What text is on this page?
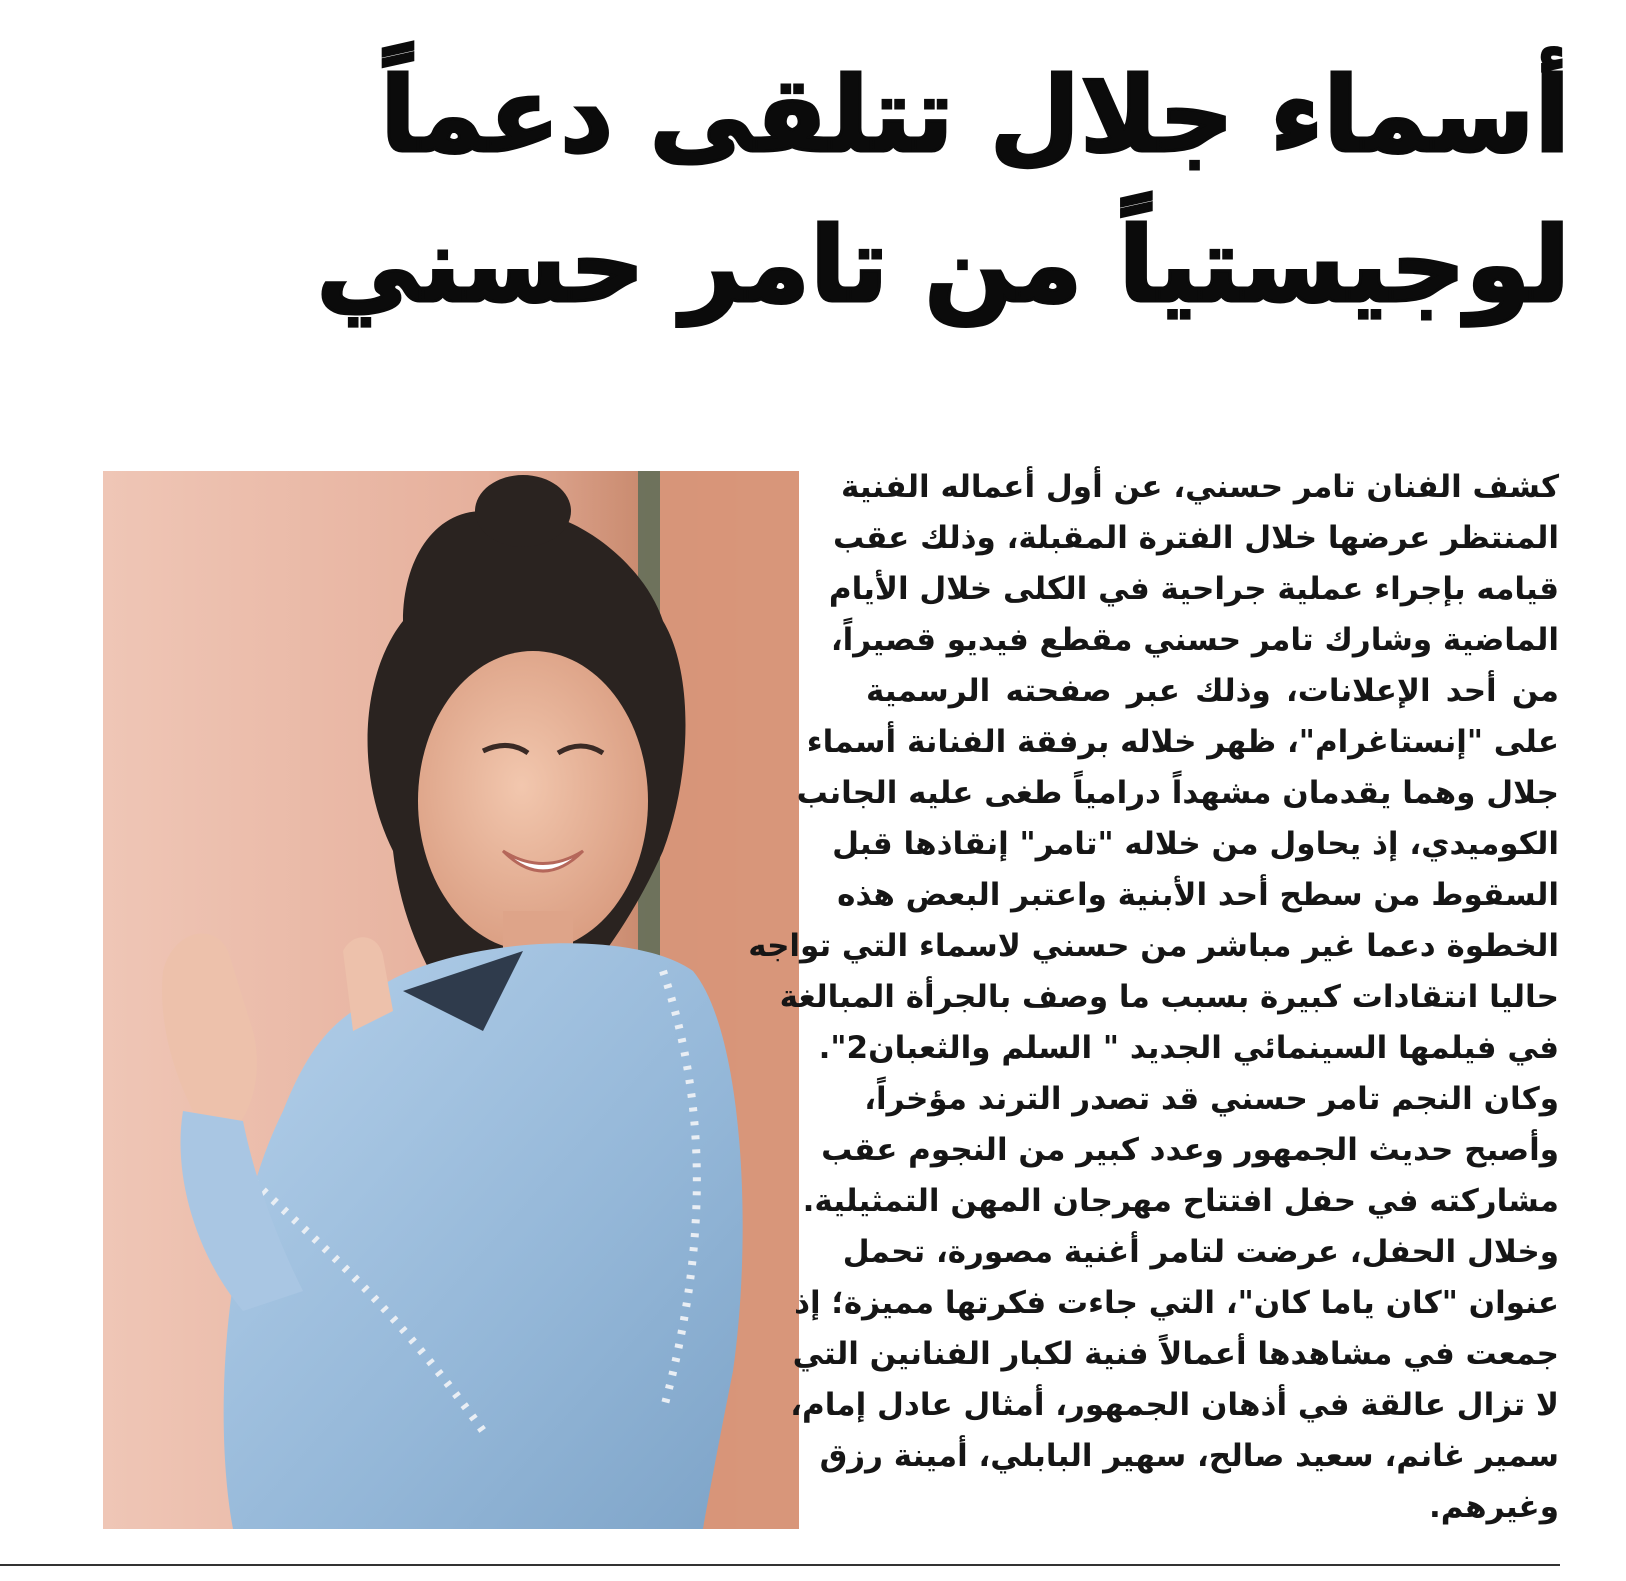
أسماء جلال تتلقى دعماً
لوجيستياً من تامر حسني
كشف الفنان تامر حسني، عن أول أعماله الفنية
المنتظر عرضها خلال الفترة المقبلة، وذلك عقب
قيامه بإجراء عملية جراحية في الكلى خلال الأيام
الماضية وشارك تامر حسني مقطع فيديو قصيراً،
من أحد الإعلانات، وذلك عبر صفحته الرسمية
على "إنستاغرام"، ظهر خلاله برفقة الفنانة أسماء
جلال وهما يقدمان مشهداً درامياً طغى عليه الجانب
الكوميدي، إذ يحاول من خلاله "تامر" إنقاذها قبل
السقوط من سطح أحد الأبنية واعتبر البعض هذه
الخطوة دعما غير مباشر من حسني لاسماء التي تواجه
حاليا انتقادات كبيرة بسبب ما وصف بالجرأة المبالغة
في فيلمها السينمائي الجديد " السلم والثعبان2".
وكان النجم تامر حسني قد تصدر الترند مؤخراً،
وأصبح حديث الجمهور وعدد كبير من النجوم عقب
مشاركته في حفل افتتاح مهرجان المهن التمثيلية.
وخلال الحفل، عرضت لتامر أغنية مصورة، تحمل
عنوان "كان ياما كان"، التي جاءت فكرتها مميزة؛ إذ
جمعت في مشاهدها أعمالاً فنية لكبار الفنانين التي
لا تزال عالقة في أذهان الجمهور، أمثال عادل إمام،
سمير غانم، سعيد صالح، سهير البابلي، أمينة رزق
وغيرهم.
